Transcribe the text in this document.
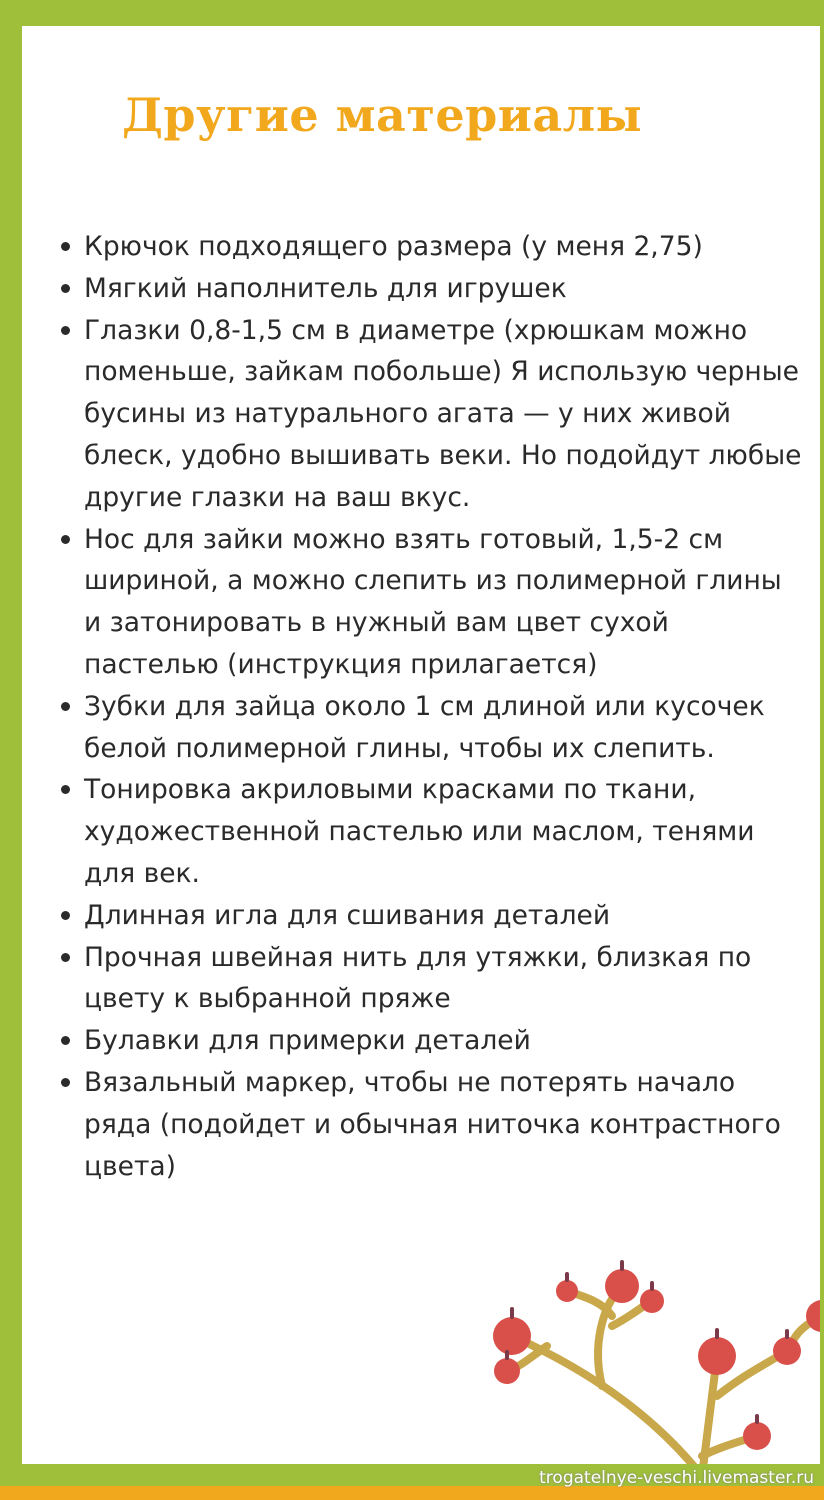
Другие материалы
Крючок подходящего размера (у меня 2,75)
Мягкий наполнитель для игрушек
Глазки 0,8-1,5 см в диаметре (хрюшкам можно поменьше, зайкам побольше) Я использую черные бусины из натурального агата — у них живой блеск, удобно вышивать веки. Но подойдут любые другие глазки на ваш вкус.
Нос для зайки можно взять готовый, 1,5-2 см шириной, а можно слепить из полимерной глины и затонировать в нужный вам цвет сухой пастелью (инструкция прилагается)
Зубки для зайца около 1 см длиной или кусочек белой полимерной глины, чтобы их слепить.
Тонировка акриловыми красками по ткани, художественной пастелью или маслом, тенями для век.
Длинная игла для сшивания деталей
Прочная швейная нить для утяжки, близкая по цвету к выбранной пряже
Булавки для примерки деталей
Вязальный маркер, чтобы не потерять начало ряда (подойдет и обычная ниточка контрастного цвета)
trogatelnye-veschi.livemaster.ru
